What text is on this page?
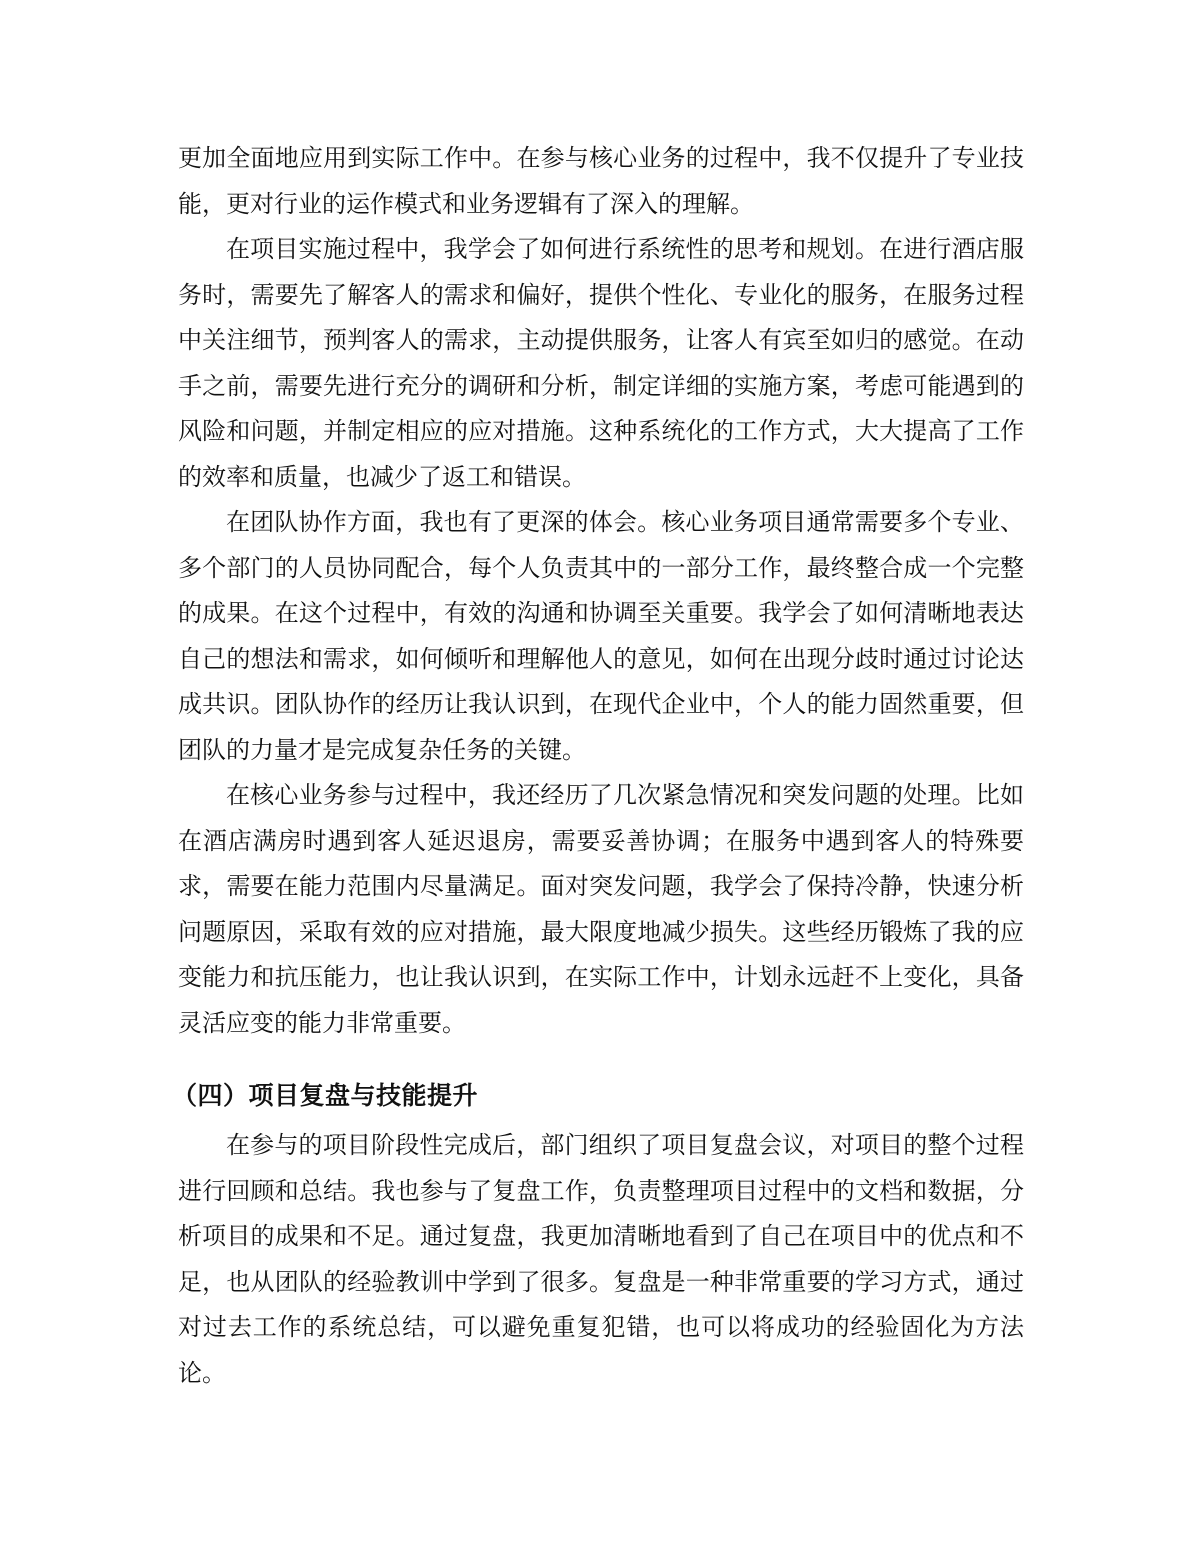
更加全面地应用到实际工作中。在参与核心业务的过程中，我不仅提升了专业技能，更对行业的运作模式和业务逻辑有了深入的理解。

在项目实施过程中，我学会了如何进行系统性的思考和规划。在进行酒店服务时，需要先了解客人的需求和偏好，提供个性化、专业化的服务，在服务过程中关注细节，预判客人的需求，主动提供服务，让客人有宾至如归的感觉。在动手之前，需要先进行充分的调研和分析，制定详细的实施方案，考虑可能遇到的风险和问题，并制定相应的应对措施。这种系统化的工作方式，大大提高了工作的效率和质量，也减少了返工和错误。

在团队协作方面，我也有了更深的体会。核心业务项目通常需要多个专业、多个部门的人员协同配合，每个人负责其中的一部分工作，最终整合成一个完整的成果。在这个过程中，有效的沟通和协调至关重要。我学会了如何清晰地表达自己的想法和需求，如何倾听和理解他人的意见，如何在出现分歧时通过讨论达成共识。团队协作的经历让我认识到，在现代企业中，个人的能力固然重要，但团队的力量才是完成复杂任务的关键。

在核心业务参与过程中，我还经历了几次紧急情况和突发问题的处理。比如在酒店满房时遇到客人延迟退房，需要妥善协调；在服务中遇到客人的特殊要求，需要在能力范围内尽量满足。面对突发问题，我学会了保持冷静，快速分析问题原因，采取有效的应对措施，最大限度地减少损失。这些经历锻炼了我的应变能力和抗压能力，也让我认识到，在实际工作中，计划永远赶不上变化，具备灵活应变的能力非常重要。

（四）项目复盘与技能提升

在参与的项目阶段性完成后，部门组织了项目复盘会议，对项目的整个过程进行回顾和总结。我也参与了复盘工作，负责整理项目过程中的文档和数据，分析项目的成果和不足。通过复盘，我更加清晰地看到了自己在项目中的优点和不足，也从团队的经验教训中学到了很多。复盘是一种非常重要的学习方式，通过对过去工作的系统总结，可以避免重复犯错，也可以将成功的经验固化为方法论。
